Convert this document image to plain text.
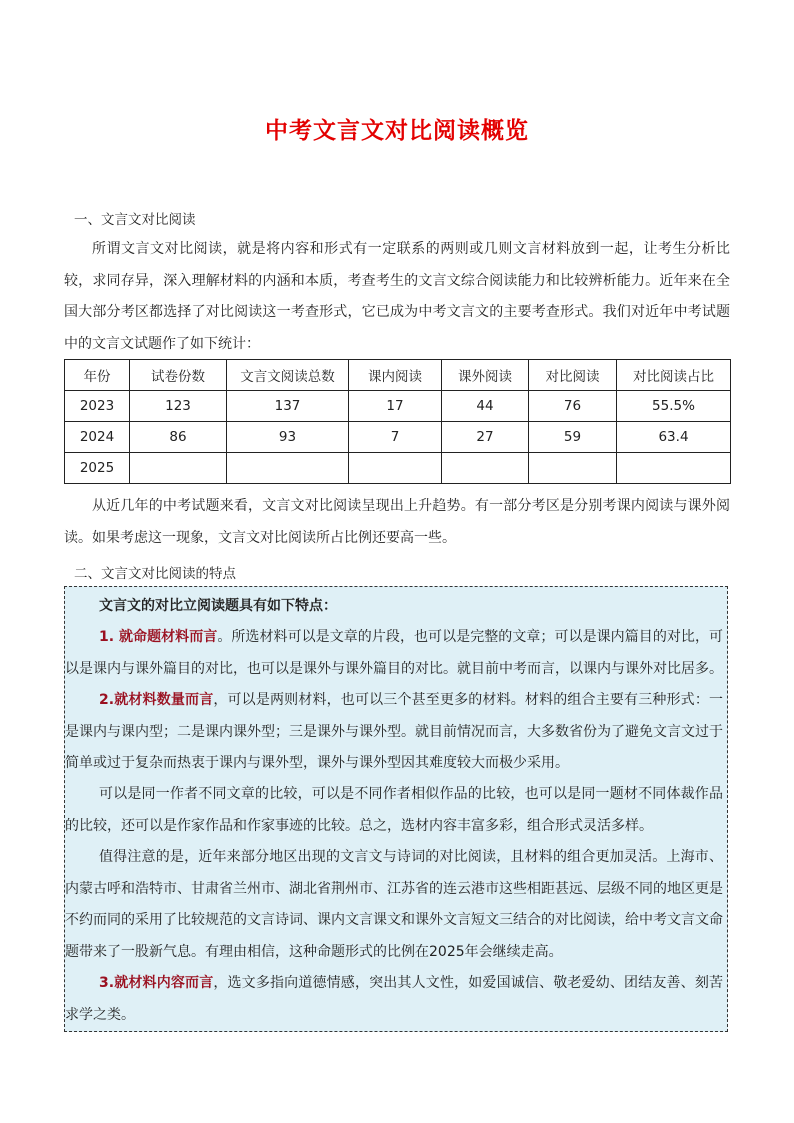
中考文言文对比阅读概览
一、文言文对比阅读
所谓文言文对比阅读，就是将内容和形式有一定联系的两则或几则文言材料放到一起，让考生分析比较，求同存异，深入理解材料的内涵和本质，考查考生的文言文综合阅读能力和比较辨析能力。近年来在全国大部分考区都选择了对比阅读这一考查形式，它已成为中考文言文的主要考查形式。我们对近年中考试题中的文言文试题作了如下统计：
年份	试卷份数	文言文阅读总数	课内阅读	课外阅读	对比阅读	对比阅读占比
2023	123	137	17	44	76	55.5%
2024	86	93	7	27	59	63.4
2025						
从近几年的中考试题来看，文言文对比阅读呈现出上升趋势。有一部分考区是分别考课内阅读与课外阅读。如果考虑这一现象，文言文对比阅读所占比例还要高一些。
二、文言文对比阅读的特点

文言文的对比立阅读题具有如下特点：

1. 就命题材料而言。所选材料可以是文章的片段，也可以是完整的文章；可以是课内篇目的对比，可以是课内与课外篇目的对比，也可以是课外与课外篇目的对比。就目前中考而言，以课内与课外对比居多。

2.就材料数量而言，可以是两则材料，也可以三个甚至更多的材料。材料的组合主要有三种形式：一是课内与课内型；二是课内课外型；三是课外与课外型。就目前情况而言，大多数省份为了避免文言文过于简单或过于复杂而热衷于课内与课外型，课外与课外型因其难度较大而极少采用。

可以是同一作者不同文章的比较，可以是不同作者相似作品的比较，也可以是同一题材不同体裁作品的比较，还可以是作家作品和作家事迹的比较。总之，选材内容丰富多彩，组合形式灵活多样。

值得注意的是，近年来部分地区出现的文言文与诗词的对比阅读，且材料的组合更加灵活。上海市、内蒙古呼和浩特市、甘肃省兰州市、湖北省荆州市、江苏省的连云港市这些相距甚远、层级不同的地区更是不约而同的采用了比较规范的文言诗词、课内文言课文和课外文言短文三结合的对比阅读，给中考文言文命题带来了一股新气息。有理由相信，这种命题形式的比例在2025年会继续走高。

3.就材料内容而言，选文多指向道德情感，突出其人文性，如爱国诚信、敬老爱幼、团结友善、刻苦求学之类。
